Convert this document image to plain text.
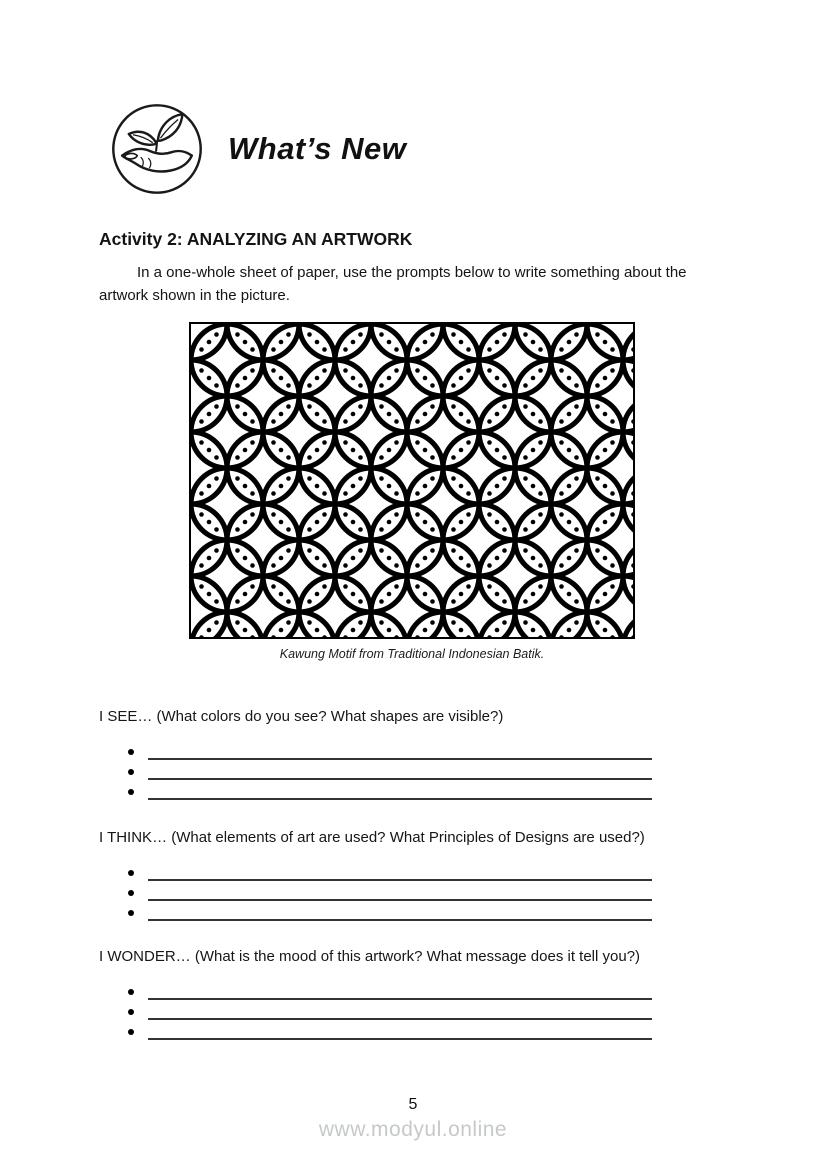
What’s New
Activity 2: ANALYZING AN ARTWORK

In a one-whole sheet of paper, use the prompts below to write something about the artwork shown in the picture.

Kawung Motif from Traditional Indonesian Batik.
I SEE… (What colors do you see? What shapes are visible?)
I THINK… (What elements of art are used? What Principles of Designs are used?)
I WONDER… (What is the mood of this artwork? What message does it tell you?)
5
www.modyul.online
